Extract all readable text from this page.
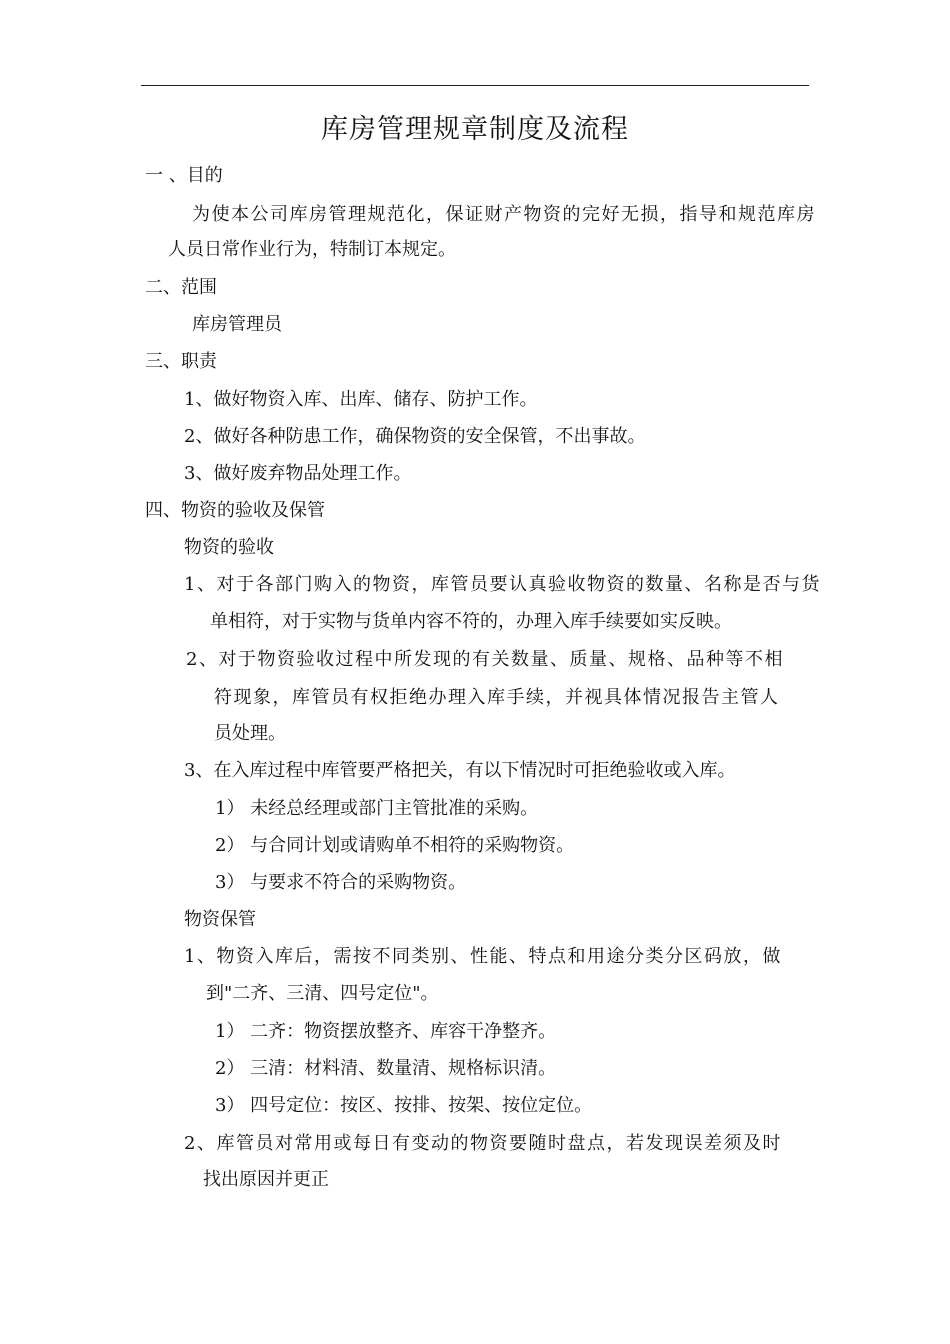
库房管理规章制度及流程
一 、目的
为使本公司库房管理规范化，保证财产物资的完好无损，指导和规范库房
人员日常作业行为，特制订本规定。
二、范围
库房管理员
三、职责
1、做好物资入库、出库、储存、防护工作。
2、做好各种防患工作，确保物资的安全保管，不出事故。
3、做好废弃物品处理工作。
四、物资的验收及保管
物资的验收
1、对于各部门购入的物资，库管员要认真验收物资的数量、名称是否与货
单相符，对于实物与货单内容不符的，办理入库手续要如实反映。
2、对于物资验收过程中所发现的有关数量、质量、规格、品种等不相
符现象，库管员有权拒绝办理入库手续，并视具体情况报告主管人
员处理。
3、在入库过程中库管要严格把关，有以下情况时可拒绝验收或入库。
1） 未经总经理或部门主管批准的采购。
2） 与合同计划或请购单不相符的采购物资。
3） 与要求不符合的采购物资。
物资保管
1、物资入库后，需按不同类别、性能、特点和用途分类分区码放，做
到"二齐、三清、四号定位"。
1） 二齐：物资摆放整齐、库容干净整齐。
2） 三清：材料清、数量清、规格标识清。
3） 四号定位：按区、按排、按架、按位定位。
2、库管员对常用或每日有变动的物资要随时盘点，若发现误差须及时
找出原因并更正
